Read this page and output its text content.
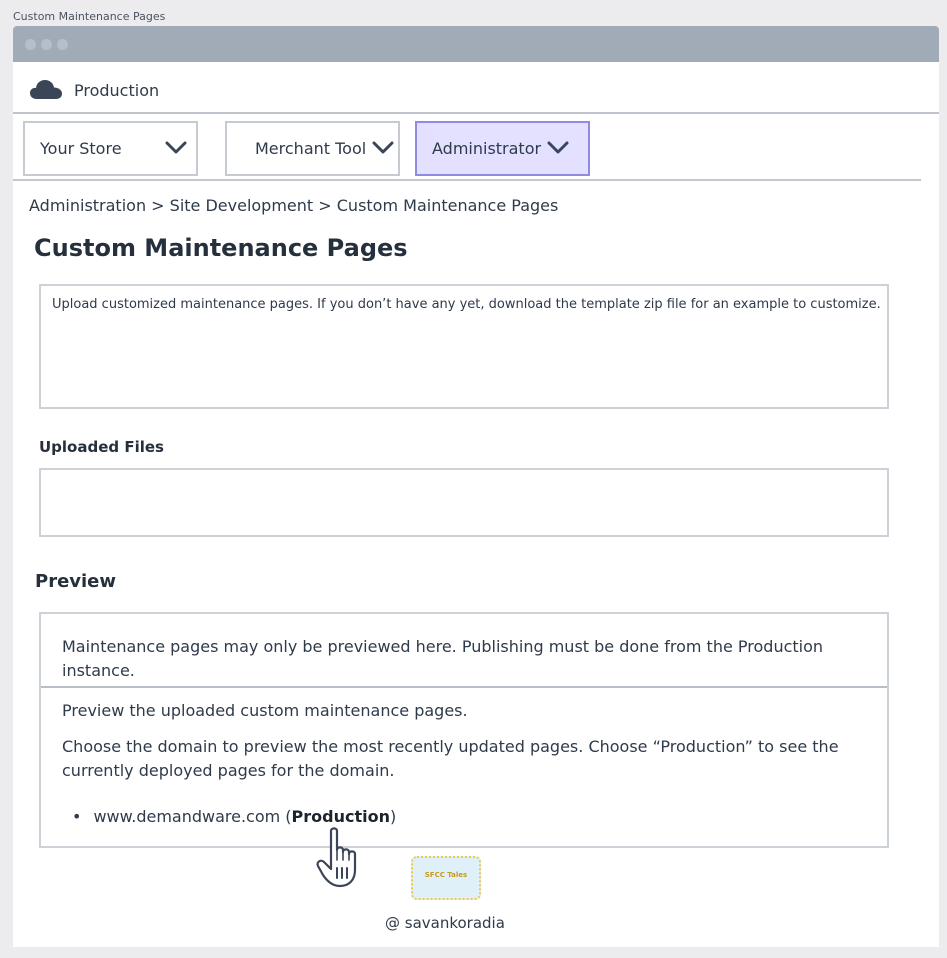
Custom Maintenance Pages
Production
Your Store	Merchant Tool	Administrator
Administration > Site Development > Custom Maintenance Pages
Custom Maintenance Pages
Upload customized maintenance pages. If you don’t have any yet, download the template zip file for an example to customize.
Uploaded Files
Preview
Maintenance pages may only be previewed here. Publishing must be done from the Production instance.
Preview the uploaded custom maintenance pages.
Choose the domain to preview the most recently updated pages. Choose “Production” to see the currently deployed pages for the domain.
• www.demandware.com (Production)
SFCC Tales
@ savankoradia
